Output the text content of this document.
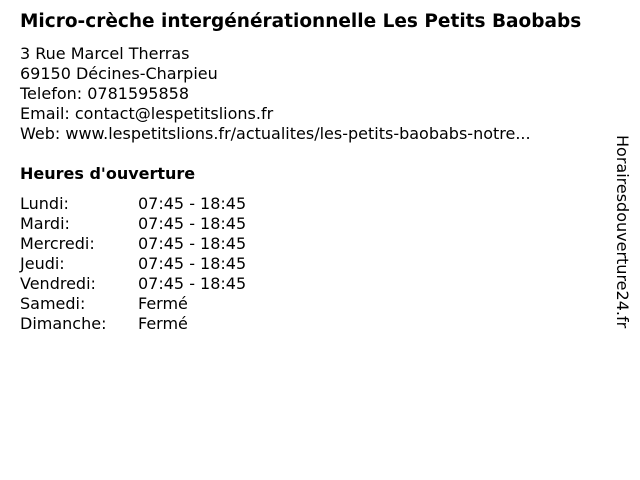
Micro-crèche intergénérationnelle Les Petits Baobabs
3 Rue Marcel Therras
69150 Décines-Charpieu
Telefon: 0781595858
Email: contact@lespetitslions.fr
Web: www.lespetitslions.fr/actualites/les-petits-baobabs-notre...
Heures d'ouverture
Lundi:	07:45 - 18:45
Mardi:	07:45 - 18:45
Mercredi:	07:45 - 18:45
Jeudi:	07:45 - 18:45
Vendredi:	07:45 - 18:45
Samedi:	Fermé
Dimanche:	Fermé	Horairesdouverture24.fr
